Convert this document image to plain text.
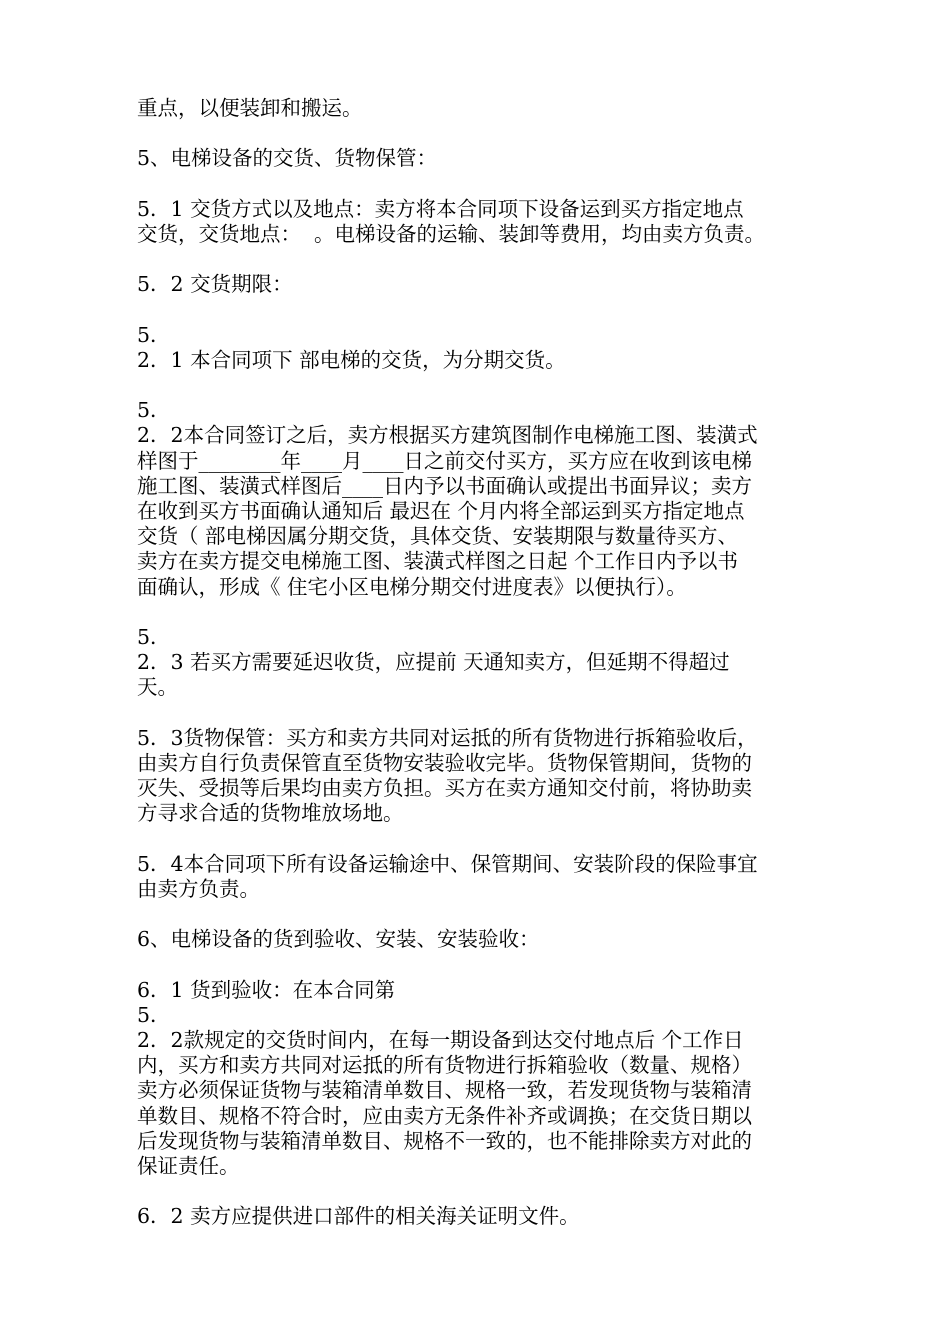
重点，以便装卸和搬运。
5、电梯设备的交货、货物保管：
5．1 交货方式以及地点：卖方将本合同项下设备运到买方指定地点
交货，交货地点：  。电梯设备的运输、装卸等费用，均由卖方负责。
5．2 交货期限：
5．
2．1 本合同项下 部电梯的交货，为分期交货。
5．
2．2本合同签订之后，卖方根据买方建筑图制作电梯施工图、装潢式
样图于________年____月____日之前交付买方，买方应在收到该电梯
施工图、装潢式样图后____日内予以书面确认或提出书面异议；卖方
在收到买方书面确认通知后 最迟在 个月内将全部运到买方指定地点
交货（ 部电梯因属分期交货，具体交货、安装期限与数量待买方、
卖方在卖方提交电梯施工图、装潢式样图之日起 个工作日内予以书
面确认，形成《 住宅小区电梯分期交付进度表》以便执行）。
5．
2．3 若买方需要延迟收货，应提前 天通知卖方，但延期不得超过
天。
5．3货物保管：买方和卖方共同对运抵的所有货物进行拆箱验收后，
由卖方自行负责保管直至货物安装验收完毕。货物保管期间，货物的
灭失、受损等后果均由卖方负担。买方在卖方通知交付前，将协助卖
方寻求合适的货物堆放场地。
5．4本合同项下所有设备运输途中、保管期间、安装阶段的保险事宜
由卖方负责。
6、电梯设备的货到验收、安装、安装验收：
6．1 货到验收：在本合同第
5．
2．2款规定的交货时间内，在每一期设备到达交付地点后 个工作日
内，买方和卖方共同对运抵的所有货物进行拆箱验收（数量、规格）
卖方必须保证货物与装箱清单数目、规格一致，若发现货物与装箱清
单数目、规格不符合时，应由卖方无条件补齐或调换；在交货日期以
后发现货物与装箱清单数目、规格不一致的，也不能排除卖方对此的
保证责任。
6．2 卖方应提供进口部件的相关海关证明文件。
